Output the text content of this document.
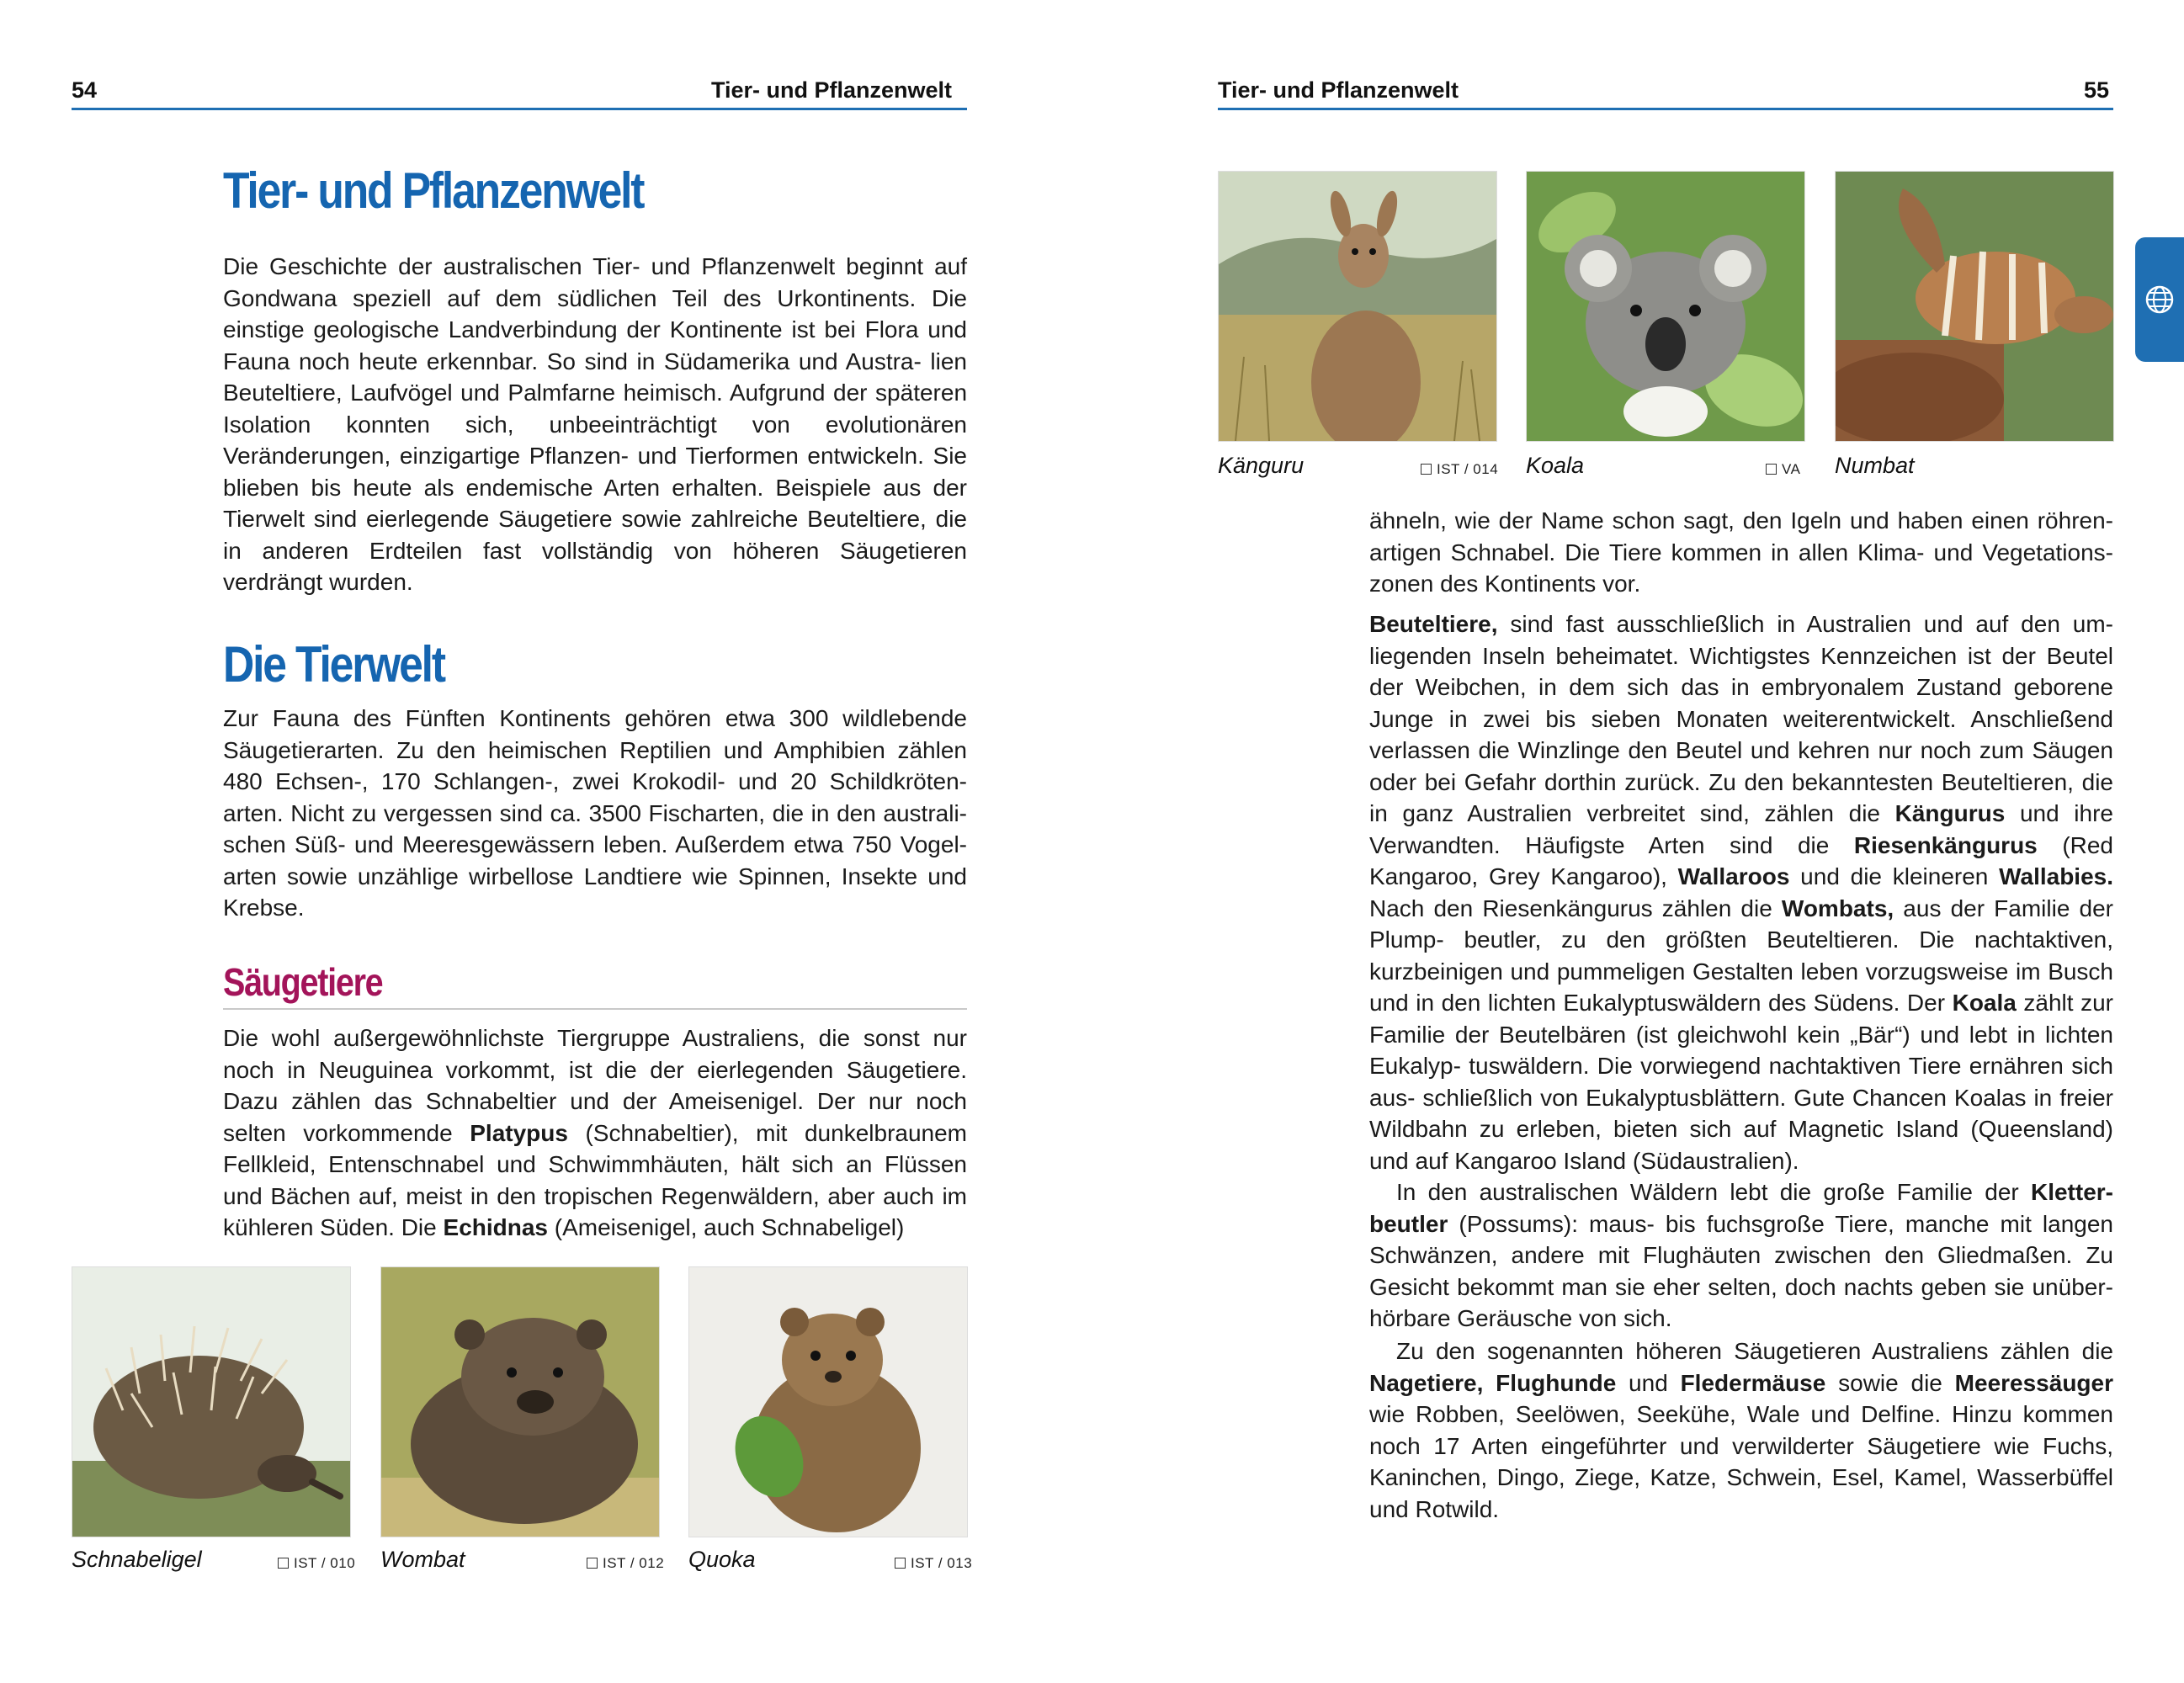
54	Tier- und Pflanzenwelt
Tier- und Pflanzenwelt

Die Geschichte der australischen Tier- und Pflanzenwelt beginnt auf Gondwana speziell auf dem südlichen Teil des Urkontinents. Die einstige geologische Landverbindung der Kontinente ist bei Flora und Fauna noch heute erkennbar. So sind in Südamerika und Austra- lien Beuteltiere, Laufvögel und Palmfarne heimisch. Aufgrund der späteren Isolation konnten sich, unbeeinträchtigt von evolutionären Veränderungen, einzigartige Pflanzen- und Tierformen entwickeln. Sie blieben bis heute als endemische Arten erhalten. Beispiele aus der Tierwelt sind eierlegende Säugetiere sowie zahlreiche Beuteltiere, die in anderen Erdteilen fast vollständig von höheren Säugetieren verdrängt wurden.

Die Tierwelt

Zur Fauna des Fünften Kontinents gehören etwa 300 wildlebende Säugetierarten. Zu den heimischen Reptilien und Amphibien zählen 480 Echsen-, 170 Schlangen-, zwei Krokodil- und 20 Schildkröten- arten. Nicht zu vergessen sind ca. 3500 Fischarten, die in den australi- schen Süß- und Meeresgewässern leben. Außerdem etwa 750 Vogel- arten sowie unzählige wirbellose Landtiere wie Spinnen, Insekte und Krebse.

Säugetiere

Die wohl außergewöhnlichste Tiergruppe Australiens, die sonst nur noch in Neuguinea vorkommt, ist die der eierlegenden Säugetiere. Dazu zählen das Schnabeltier und der Ameisenigel. Der nur noch selten vorkommende Platypus (Schnabeltier), mit dunkelbraunem Fellkleid, Entenschnabel und Schwimmhäuten, hält sich an Flüssen und Bächen auf, meist in den tropischen Regenwäldern, aber auch im kühleren Süden. Die Echidnas (Ameisenigel, auch Schnabeligel)

Schnabeligel	IST / 010 Wombat	IST / 012 Quoka	IST / 013
Tier- und Pflanzenwelt	55
Känguru	IST / 014 Koala	VA Numbat

ähneln, wie der Name schon sagt, den Igeln und haben einen röhren- artigen Schnabel. Die Tiere kommen in allen Klima- und Vegetations- zonen des Kontinents vor.

Beuteltiere, sind fast ausschließlich in Australien und auf den um- liegenden Inseln beheimatet. Wichtigstes Kennzeichen ist der Beutel der Weibchen, in dem sich das in embryonalem Zustand geborene Junge in zwei bis sieben Monaten weiterentwickelt. Anschließend verlassen die Winzlinge den Beutel und kehren nur noch zum Säugen oder bei Gefahr dorthin zurück. Zu den bekanntesten Beuteltieren, die in ganz Australien verbreitet sind, zählen die Kängurus und ihre Verwandten. Häufigste Arten sind die Riesenkängurus (Red Kangaroo, Grey Kangaroo), Wallaroos und die kleineren Wallabies. Nach den Riesenkängurus zählen die Wombats, aus der Familie der Plump- beutler, zu den größten Beuteltieren. Die nachtaktiven, kurzbeinigen und pummeligen Gestalten leben vorzugsweise im Busch und in den lichten Eukalyptuswäldern des Südens. Der Koala zählt zur Familie der Beutelbären (ist gleichwohl kein „Bär“) und lebt in lichten Eukalyp- tuswäldern. Die vorwiegend nachtaktiven Tiere ernähren sich aus- schließlich von Eukalyptusblättern. Gute Chancen Koalas in freier Wildbahn zu erleben, bieten sich auf Magnetic Island (Queensland) und auf Kangaroo Island (Südaustralien).

In den australischen Wäldern lebt die große Familie der Kletter- beutler (Possums): maus- bis fuchsgroße Tiere, manche mit langen Schwänzen, andere mit Flughäuten zwischen den Gliedmaßen. Zu Gesicht bekommt man sie eher selten, doch nachts geben sie unüber- hörbare Geräusche von sich.

Zu den sogenannten höheren Säugetieren Australiens zählen die Nagetiere, Flughunde und Fledermäuse sowie die Meeressäuger wie Robben, Seelöwen, Seekühe, Wale und Delfine. Hinzu kommen noch 17 Arten eingeführter und verwilderter Säugetiere wie Fuchs, Kaninchen, Dingo, Ziege, Katze, Schwein, Esel, Kamel, Wasserbüffel und Rotwild.
